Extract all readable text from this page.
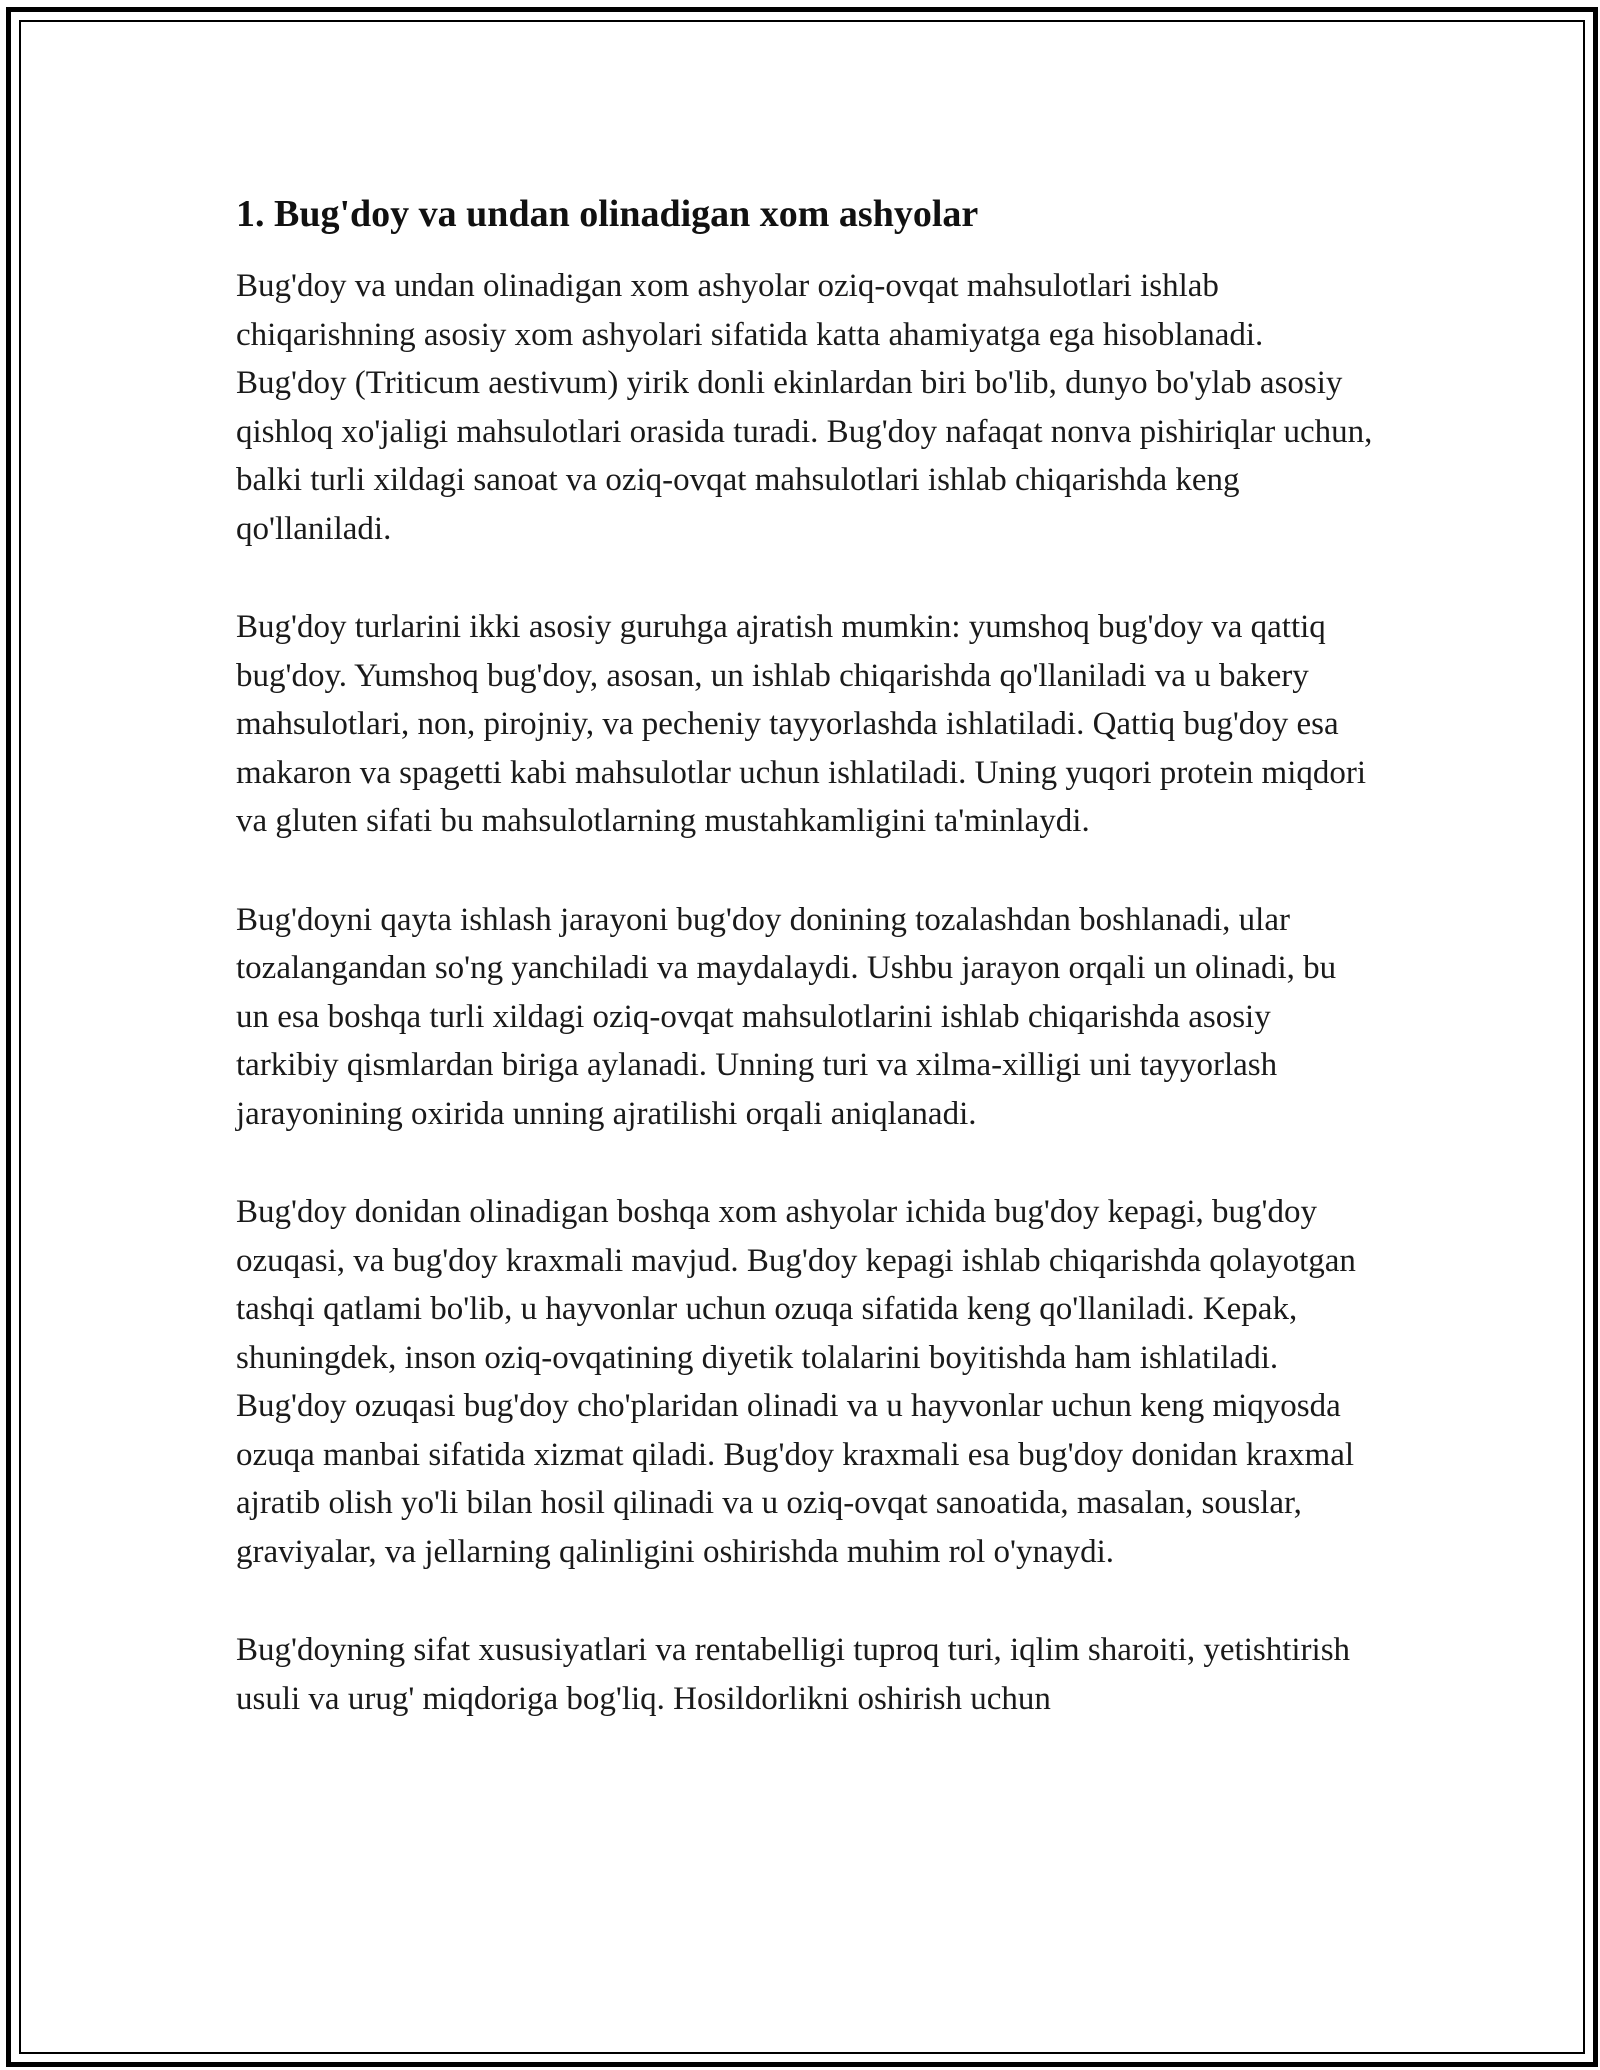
1. Bug'doy va undan olinadigan xom ashyolar

Bug'doy va undan olinadigan xom ashyolar oziq-ovqat mahsulotlari ishlab chiqarishning asosiy xom ashyolari sifatida katta ahamiyatga ega hisoblanadi. Bug'doy (Triticum aestivum) yirik donli ekinlardan biri bo'lib, dunyo bo'ylab asosiy qishloq xo'jaligi mahsulotlari orasida turadi. Bug'doy nafaqat nonva pishiriqlar uchun, balki turli xildagi sanoat va oziq-ovqat mahsulotlari ishlab chiqarishda keng qo'llaniladi.

Bug'doy turlarini ikki asosiy guruhga ajratish mumkin: yumshoq bug'doy va qattiq bug'doy. Yumshoq bug'doy, asosan, un ishlab chiqarishda qo'llaniladi va u bakery mahsulotlari, non, pirojniy, va pecheniy tayyorlashda ishlatiladi. Qattiq bug'doy esa makaron va spagetti kabi mahsulotlar uchun ishlatiladi. Uning yuqori protein miqdori va gluten sifati bu mahsulotlarning mustahkamligini ta'minlaydi.

Bug'doyni qayta ishlash jarayoni bug'doy donining tozalashdan boshlanadi, ular tozalangandan so'ng yanchiladi va maydalaydi. Ushbu jarayon orqali un olinadi, bu un esa boshqa turli xildagi oziq-ovqat mahsulotlarini ishlab chiqarishda asosiy tarkibiy qismlardan biriga aylanadi. Unning turi va xilma-xilligi uni tayyorlash jarayonining oxirida unning ajratilishi orqali aniqlanadi.

Bug'doy donidan olinadigan boshqa xom ashyolar ichida bug'doy kepagi, bug'doy ozuqasi, va bug'doy kraxmali mavjud. Bug'doy kepagi ishlab chiqarishda qolayotgan tashqi qatlami bo'lib, u hayvonlar uchun ozuqa sifatida keng qo'llaniladi. Kepak, shuningdek, inson oziq-ovqatining diyetik tolalarini boyitishda ham ishlatiladi. Bug'doy ozuqasi bug'doy cho'plaridan olinadi va u hayvonlar uchun keng miqyosda ozuqa manbai sifatida xizmat qiladi. Bug'doy kraxmali esa bug'doy donidan kraxmal ajratib olish yo'li bilan hosil qilinadi va u oziq-ovqat sanoatida, masalan, souslar, graviyalar, va jellarning qalinligini oshirishda muhim rol o'ynaydi.

Bug'doyning sifat xususiyatlari va rentabelligi tuproq turi, iqlim sharoiti, yetishtirish usuli va urug' miqdoriga bog'liq. Hosildorlikni oshirish uchun
